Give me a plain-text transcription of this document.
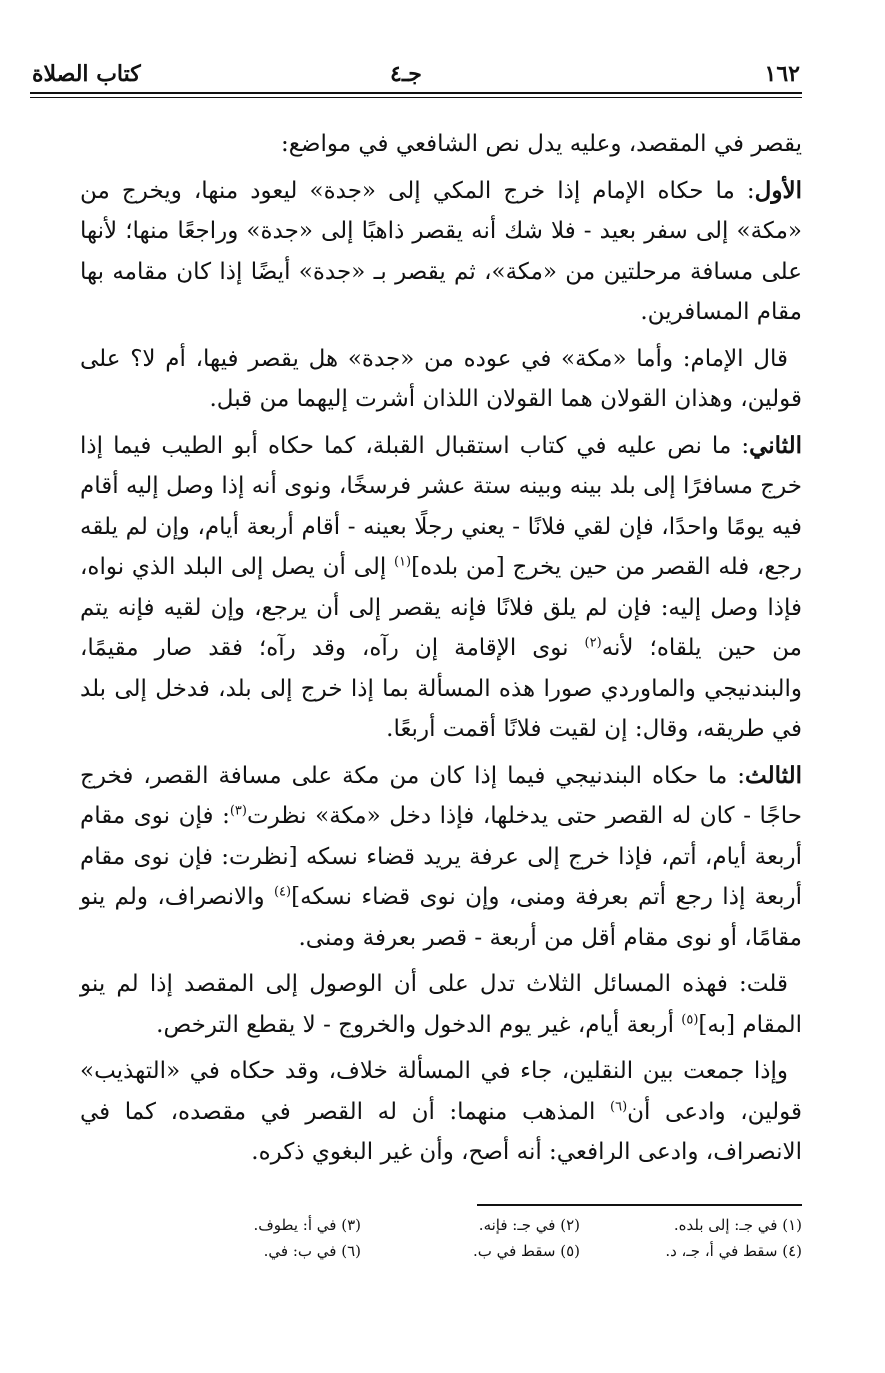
١٦٢
جـ٤
كتاب الصلاة

يقصر في المقصد، وعليه يدل نص الشافعي في مواضع:

الأول: ما حكاه الإمام إذا خرج المكي إلى «جدة» ليعود منها، ويخرج من «مكة» إلى سفر بعيد - فلا شك أنه يقصر ذاهبًا إلى «جدة» وراجعًا منها؛ لأنها على مسافة مرحلتين من «مكة»، ثم يقصر بـ «جدة» أيضًا إذا كان مقامه بها مقام المسافرين.

قال الإمام: وأما «مكة» في عوده من «جدة» هل يقصر فيها، أم لا؟ على قولين، وهذان القولان هما القولان اللذان أشرت إليهما من قبل.

الثاني: ما نص عليه في كتاب استقبال القبلة، كما حكاه أبو الطيب فيما إذا خرج مسافرًا إلى بلد بينه وبينه ستة عشر فرسخًا، ونوى أنه إذا وصل إليه أقام فيه يومًا واحدًا، فإن لقي فلانًا - يعني رجلًا بعينه - أقام أربعة أيام، وإن لم يلقه رجع، فله القصر من حين يخرج [من بلده]$^{(١)}$ إلى أن يصل إلى البلد الذي نواه، فإذا وصل إليه: فإن لم يلق فلانًا فإنه يقصر إلى أن يرجع، وإن لقيه فإنه يتم من حين يلقاه؛ لأنه$^{(٢)}$ نوى الإقامة إن رآه، وقد رآه؛ فقد صار مقيمًا، والبندنيجي والماوردي صورا هذه المسألة بما إذا خرج إلى بلد، فدخل إلى بلد في طريقه، وقال: إن لقيت فلانًا أقمت أربعًا.

الثالث: ما حكاه البندنيجي فيما إذا كان من مكة على مسافة القصر، فخرج حاجًا - كان له القصر حتى يدخلها، فإذا دخل «مكة» نظرت$^{(٣)}$: فإن نوى مقام أربعة أيام، أتم، فإذا خرج إلى عرفة يريد قضاء نسكه [نظرت: فإن نوى مقام أربعة إذا رجع أتم بعرفة ومنى، وإن نوى قضاء نسكه]$^{(٤)}$ والانصراف، ولم ينو مقامًا، أو نوى مقام أقل من أربعة - قصر بعرفة ومنى.

قلت: فهذه المسائل الثلاث تدل على أن الوصول إلى المقصد إذا لم ينو المقام [به]$^{(٥)}$ أربعة أيام، غير يوم الدخول والخروج - لا يقطع الترخص.

وإذا جمعت بين النقلين، جاء في المسألة خلاف، وقد حكاه في «التهذيب» قولين، وادعى أن$^{(٦)}$ المذهب منهما: أن له القصر في مقصده، كما في الانصراف، وادعى الرافعي: أنه أصح، وأن غير البغوي ذكره.

(١) في جـ: إلى بلده.
(٢) في جـ: فإنه.
(٣) في أ: يطوف.
(٤) سقط في أ، جـ، د.
(٥) سقط في ب.
(٦) في ب: في.
